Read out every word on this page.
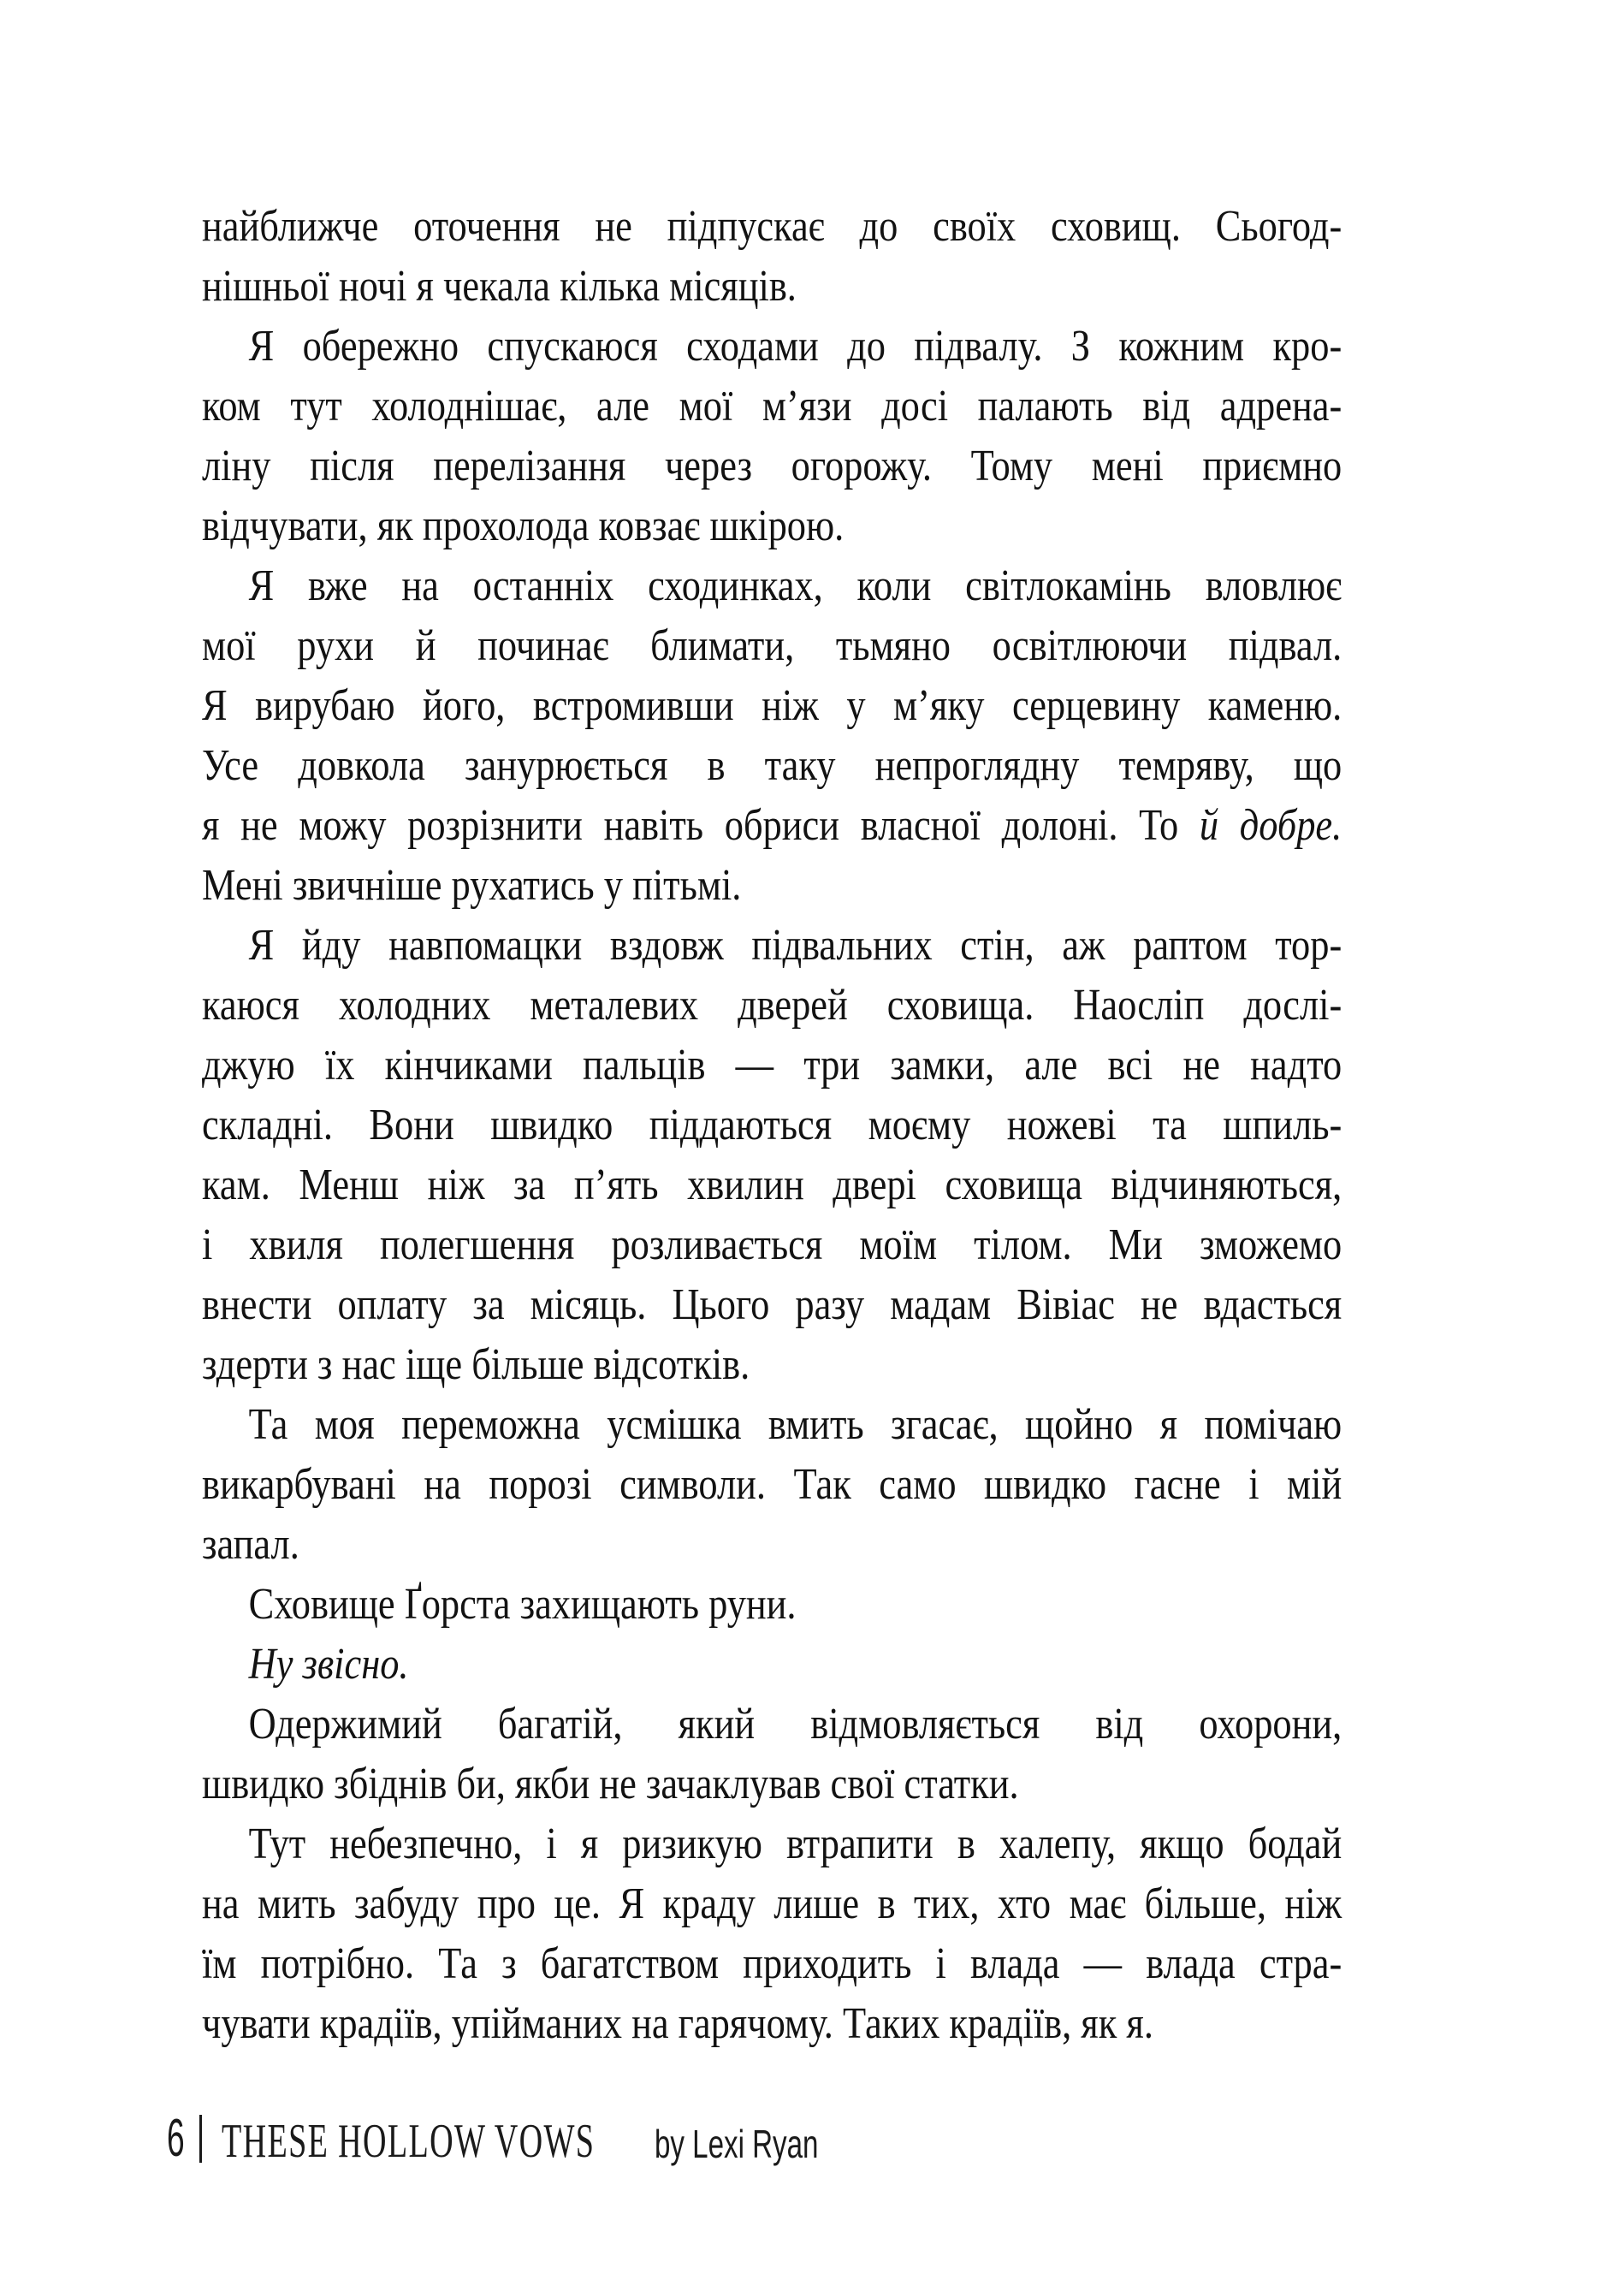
найближче оточення не підпускає до своїх сховищ. Сьогод-
нішньої ночі я чекала кілька місяців.
Я обережно спускаюся сходами до підвалу. З кожним кро-
ком тут холоднішає, але мої м’язи досі палають від адрена-
ліну після перелізання через огорожу. Тому мені приємно
відчувати, як прохолода ковзає шкірою.
Я вже на останніх сходинках, коли світлокамінь вловлює
мої рухи й починає блимати, тьмяно освітлюючи підвал.
Я вирубаю його, встромивши ніж у м’яку серцевину каменю.
Усе довкола занурюється в таку непроглядну темряву, що
я не можу розрізнити навіть обриси власної долоні. То й добре.
Мені звичніше рухатись у пітьмі.
Я йду навпомацки вздовж підвальних стін, аж раптом тор-
каюся холодних металевих дверей сховища. Наосліп дослі-
джую їх кінчиками пальців — три замки, але всі не надто
складні. Вони швидко піддаються моєму ножеві та шпиль-
кам. Менш ніж за п’ять хвилин двері сховища відчиняються,
і хвиля полегшення розливається моїм тілом. Ми зможемо
внести оплату за місяць. Цього разу мадам Вівіас не вдасться
здерти з нас іще більше відсотків.
Та моя переможна усмішка вмить згасає, щойно я помічаю
викарбувані на порозі символи. Так само швидко гасне і мій
запал.
Сховище Ґорста захищають руни.
Ну звісно.
Одержимий багатій, який відмовляється від охорони,
швидко збіднів би, якби не зачаклував свої статки.
Тут небезпечно, і я ризикую втрапити в халепу, якщо бодай
на мить забуду про це. Я краду лише в тих, хто має більше, ніж
їм потрібно. Та з багатством приходить і влада — влада стра-
чувати крадіїв, упійманих на гарячому. Таких крадіїв, як я.
6 THESE HOLLOW VOWS by Lexi Ryan
